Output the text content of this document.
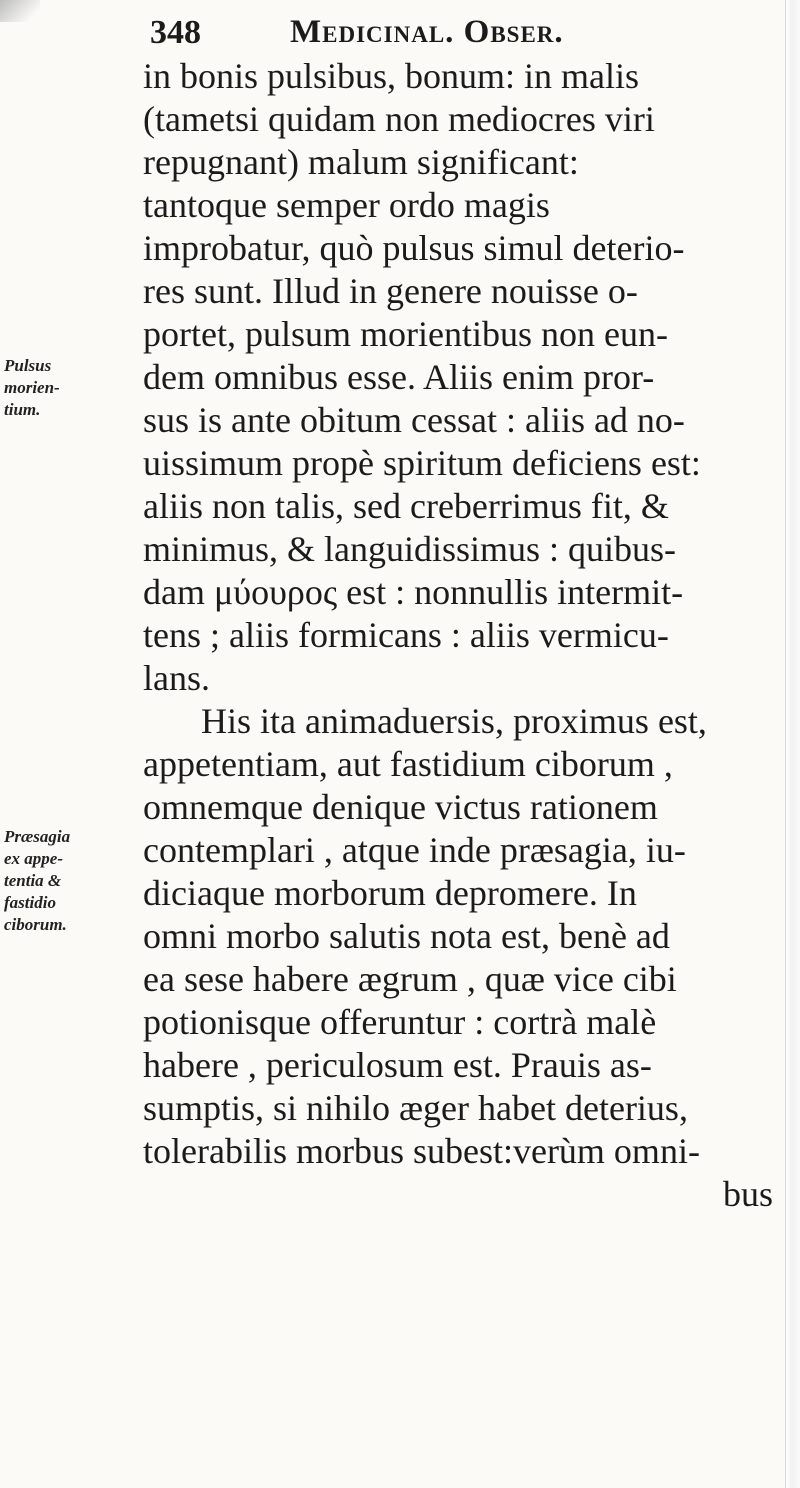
348	Medicinal. Obser.
Pulsus
morien-
tium.
Præsagia
ex appe-
tentia &
fastidio
ciborum.
in bonis pulsibus, bonum: in malis
(tametsi quidam non mediocres viri
repugnant) malum significant:
tantoque semper ordo magis
improbatur, quò pulsus simul deterio-
res sunt. Illud in genere nouisse o-
portet, pulsum morientibus non eun-
dem omnibus esse. Aliis enim pror-
sus is ante obitum cessat : aliis ad no-
uissimum propè spiritum deficiens est:
aliis non talis, sed creberrimus fit, &
minimus, & languidissimus : quibus-
dam μύουρος est : nonnullis intermit-
tens ; aliis formicans : aliis vermicu-
lans.
His ita animaduersis, proximus est,
appetentiam, aut fastidium ciborum ,
omnemque denique victus rationem
contemplari , atque inde præsagia, iu-
diciaque morborum depromere. In
omni morbo salutis nota est, benè ad
ea sese habere ægrum , quæ vice cibi
potionisque offeruntur : cortrà malè
habere , periculosum est. Prauis as-
sumptis, si nihilo æger habet deterius,
tolerabilis morbus subest:verùm omni-
bus
